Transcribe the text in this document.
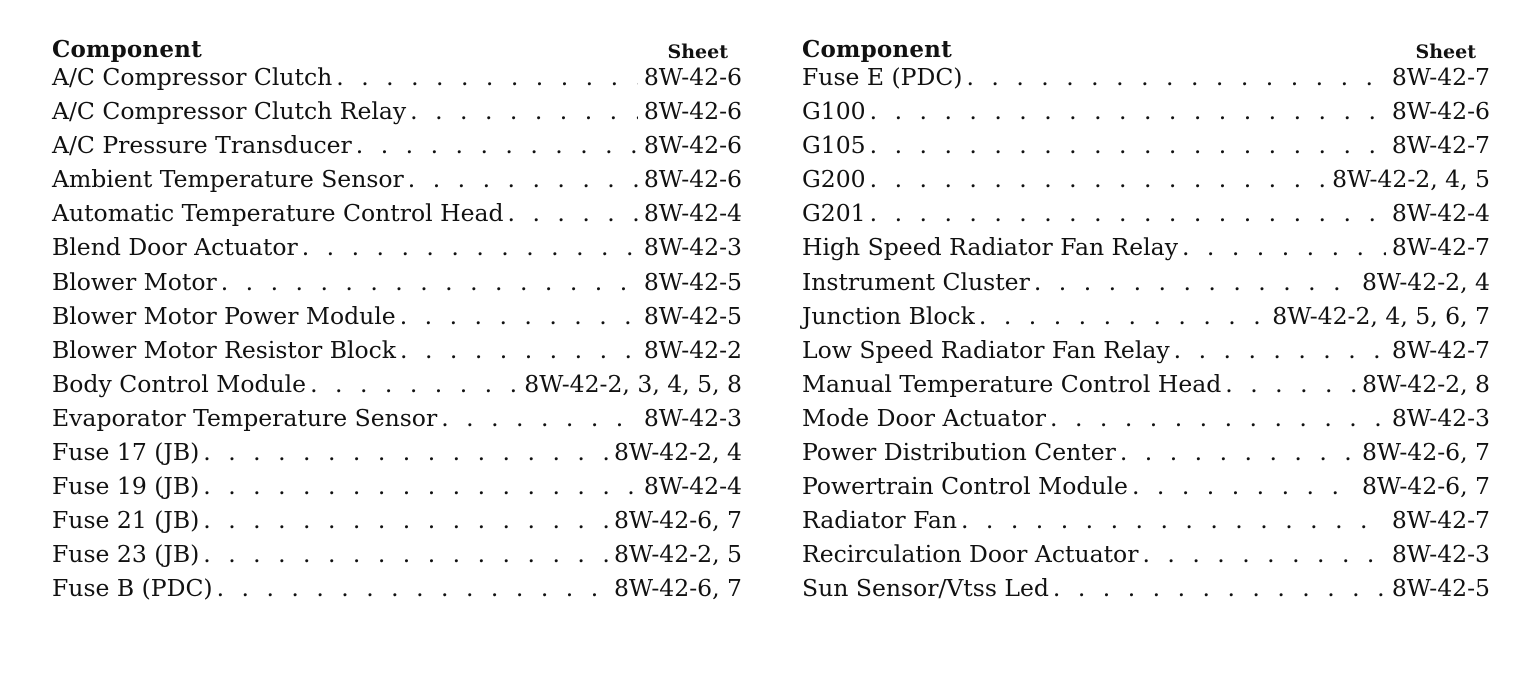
Component	Sheet
A/C Compressor Clutch . . .	8W-42-6
A/C Compressor Clutch Relay . . .	8W-42-6
A/C Pressure Transducer . . .	8W-42-6
Ambient Temperature Sensor . . .	8W-42-6
Automatic Temperature Control Head . . .	8W-42-4
Blend Door Actuator . . .	8W-42-3
Blower Motor . . .	8W-42-5
Blower Motor Power Module . . .	8W-42-5
Blower Motor Resistor Block . . .	8W-42-2
Body Control Module . . .	8W-42-2, 3, 4, 5, 8
Evaporator Temperature Sensor . . .	8W-42-3
Fuse 17 (JB) . . .	8W-42-2, 4
Fuse 19 (JB) . . .	8W-42-4
Fuse 21 (JB) . . .	8W-42-6, 7
Fuse 23 (JB) . . .	8W-42-2, 5
Fuse B (PDC) . . .	8W-42-6, 7
Component	Sheet
Fuse E (PDC) . . .	8W-42-7
G100 . . .	8W-42-6
G105 . . .	8W-42-7
G200 . . .	8W-42-2, 4, 5
G201 . . .	8W-42-4
High Speed Radiator Fan Relay . . .	8W-42-7
Instrument Cluster . . .	8W-42-2, 4
Junction Block . . .	8W-42-2, 4, 5, 6, 7
Low Speed Radiator Fan Relay . . .	8W-42-7
Manual Temperature Control Head . . .	8W-42-2, 8
Mode Door Actuator . . .	8W-42-3
Power Distribution Center . . .	8W-42-6, 7
Powertrain Control Module . . .	8W-42-6, 7
Radiator Fan . . .	8W-42-7
Recirculation Door Actuator . . .	8W-42-3
Sun Sensor/Vtss Led . . .	8W-42-5
